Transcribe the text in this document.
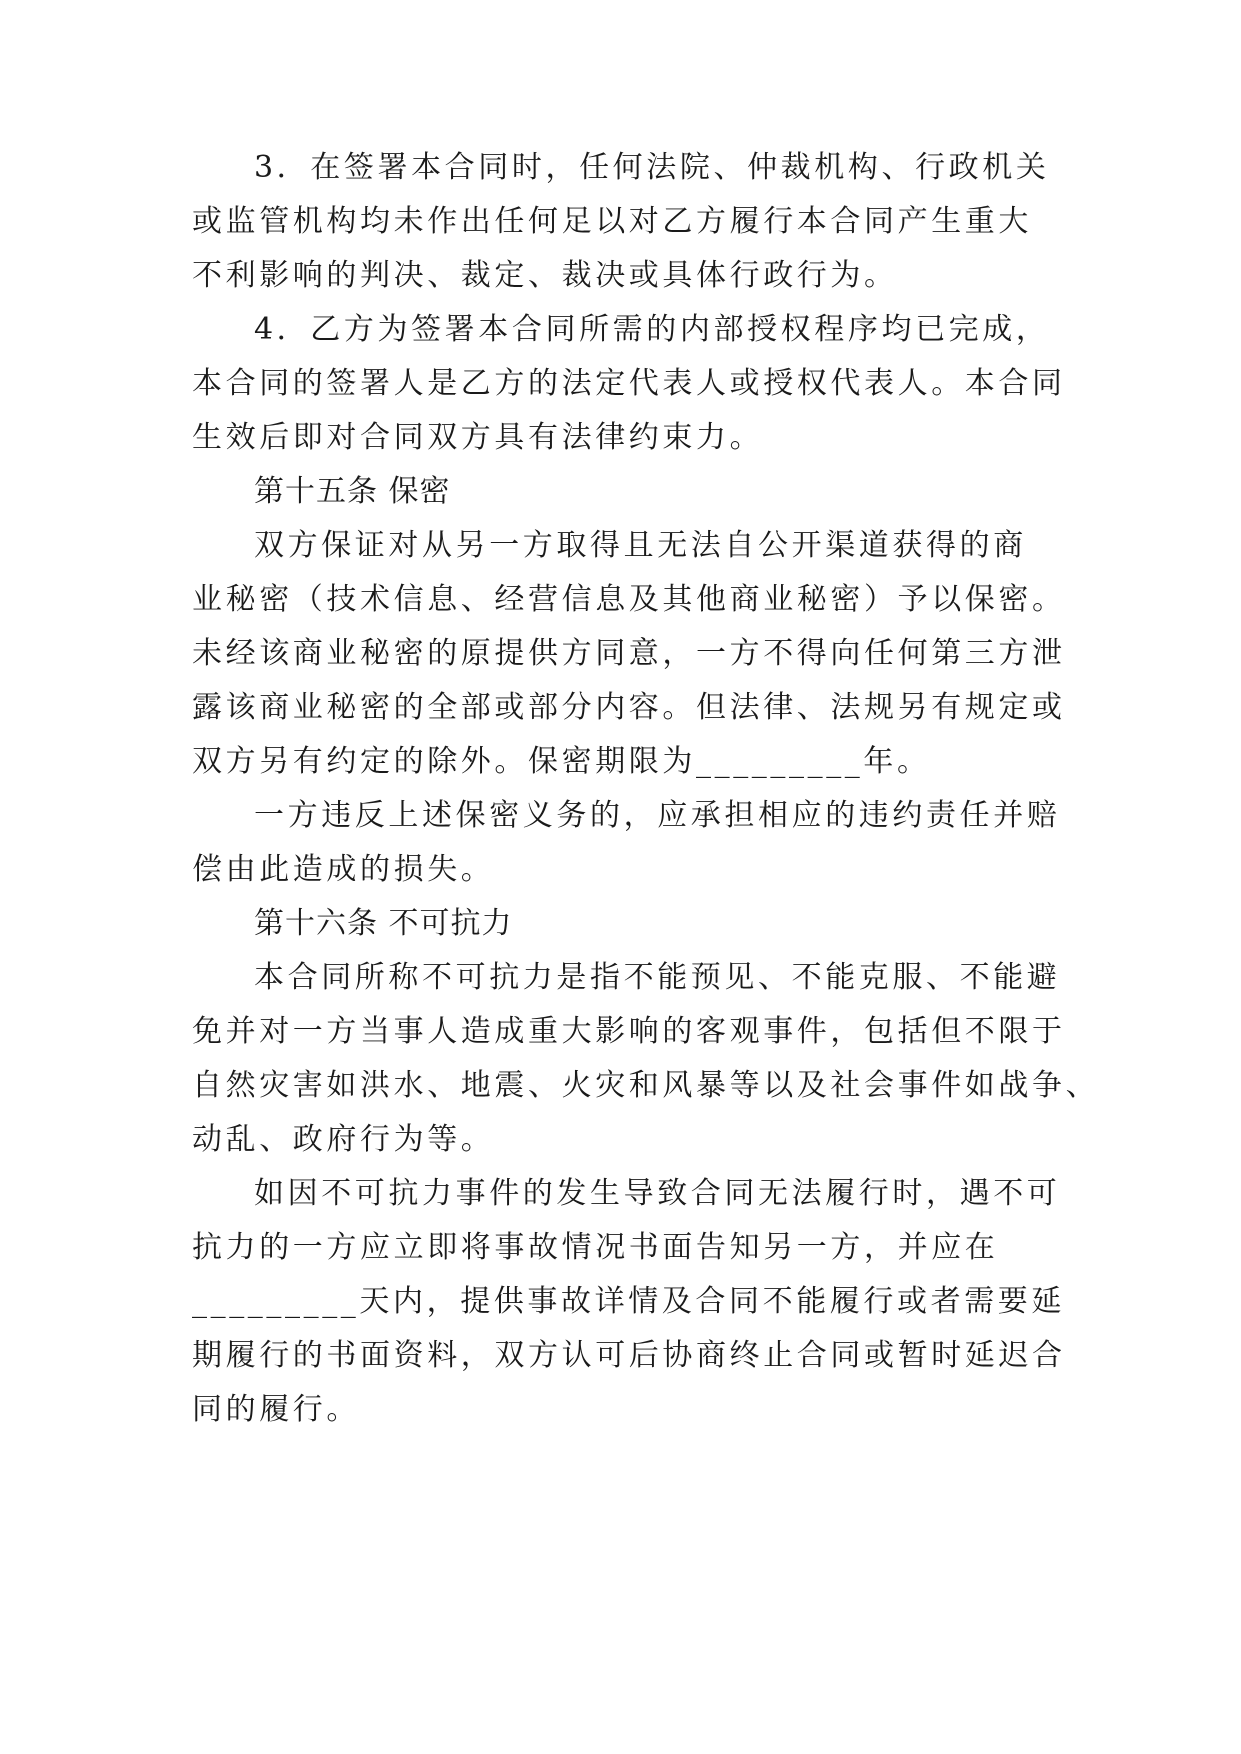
3．在签署本合同时，任何法院、仲裁机构、行政机关
或监管机构均未作出任何足以对乙方履行本合同产生重大
不利影响的判决、裁定、裁决或具体行政行为。
4．乙方为签署本合同所需的内部授权程序均已完成，
本合同的签署人是乙方的法定代表人或授权代表人。本合同
生效后即对合同双方具有法律约束力。
第十五条 保密
双方保证对从另一方取得且无法自公开渠道获得的商
业秘密（技术信息、经营信息及其他商业秘密）予以保密。
未经该商业秘密的原提供方同意，一方不得向任何第三方泄
露该商业秘密的全部或部分内容。但法律、法规另有规定或
双方另有约定的除外。保密期限为_________年。
一方违反上述保密义务的，应承担相应的违约责任并赔
偿由此造成的损失。
第十六条 不可抗力
本合同所称不可抗力是指不能预见、不能克服、不能避
免并对一方当事人造成重大影响的客观事件，包括但不限于
自然灾害如洪水、地震、火灾和风暴等以及社会事件如战争、
动乱、政府行为等。
如因不可抗力事件的发生导致合同无法履行时，遇不可
抗力的一方应立即将事故情况书面告知另一方，并应在
_________天内，提供事故详情及合同不能履行或者需要延
期履行的书面资料，双方认可后协商终止合同或暂时延迟合
同的履行。
